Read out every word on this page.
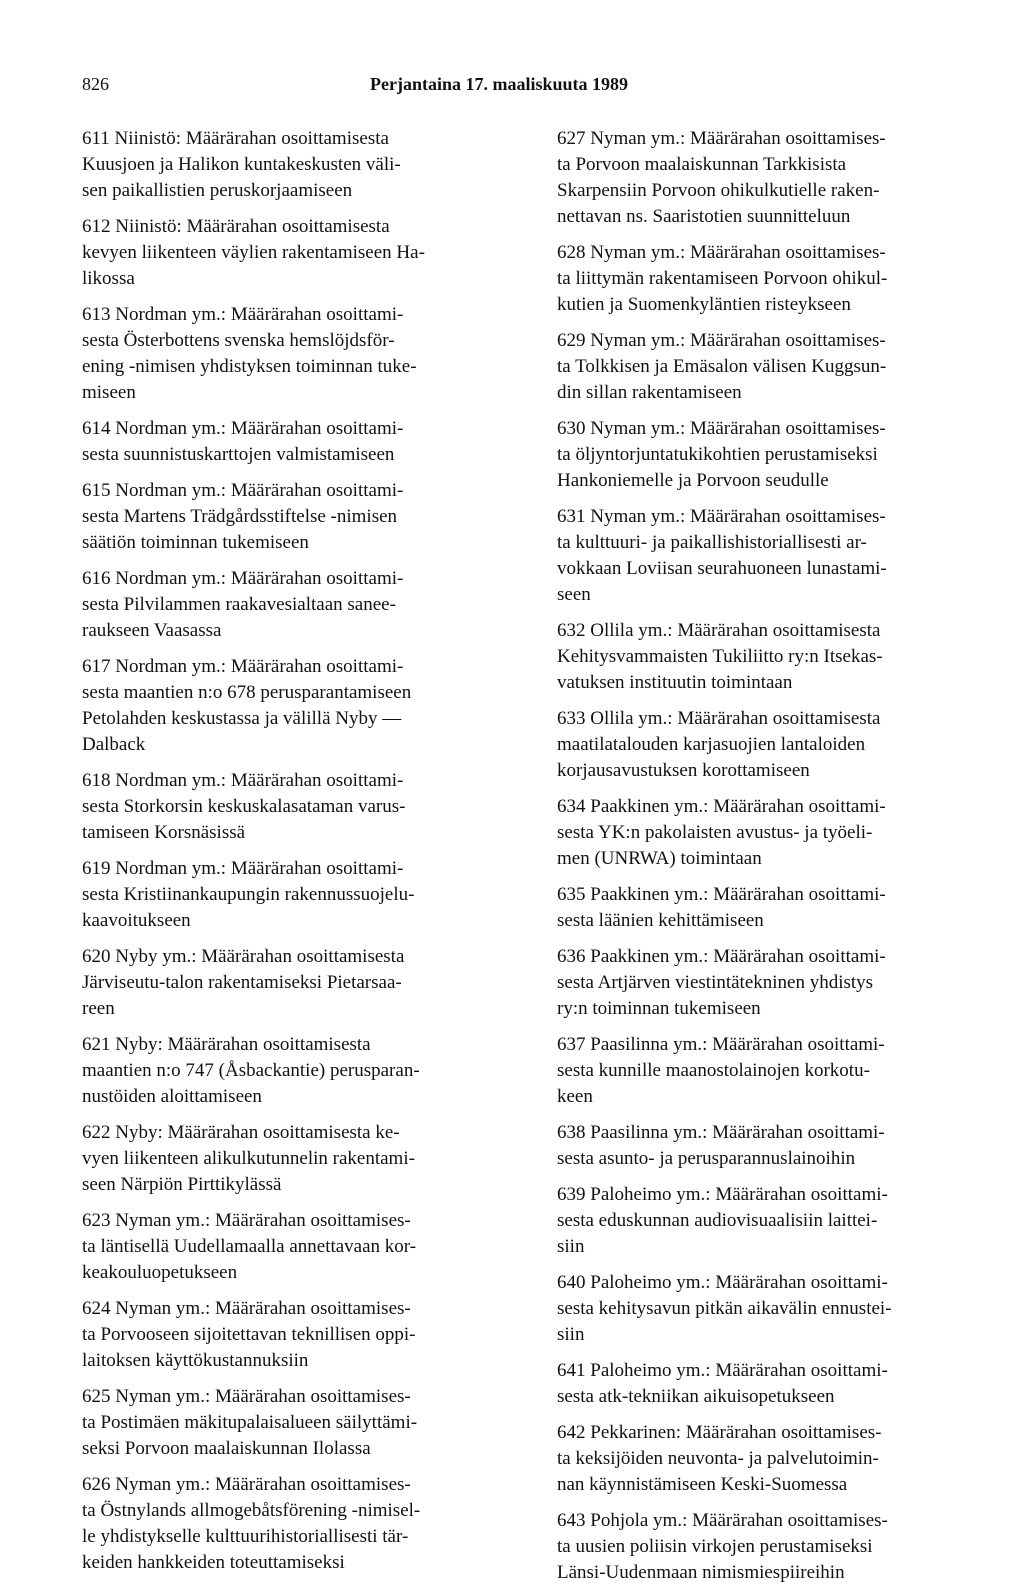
826	Perjantaina 17. maaliskuuta 1989
611 Niinistö: Määrärahan osoittamisesta
Kuusjoen ja Halikon kuntakeskusten väli-
sen paikallistien peruskorjaamiseen
612 Niinistö: Määrärahan osoittamisesta
kevyen liikenteen väylien rakentamiseen Ha-
likossa
613 Nordman ym.: Määrärahan osoittami-
sesta Österbottens svenska hemslöjdsför-
ening -nimisen yhdistyksen toiminnan tuke-
miseen
614 Nordman ym.: Määrärahan osoittami-
sesta suunnistuskarttojen valmistamiseen
615 Nordman ym.: Määrärahan osoittami-
sesta Martens Trädgårdsstiftelse -nimisen
säätiön toiminnan tukemiseen
616 Nordman ym.: Määrärahan osoittami-
sesta Pilvilammen raakavesialtaan sanee-
raukseen Vaasassa
617 Nordman ym.: Määrärahan osoittami-
sesta maantien n:o 678 perusparantamiseen
Petolahden keskustassa ja välillä Nyby —
Dalback
618 Nordman ym.: Määrärahan osoittami-
sesta Storkorsin keskuskalasataman varus-
tamiseen Korsnäsissä
619 Nordman ym.: Määrärahan osoittami-
sesta Kristiinankaupungin rakennussuojelu-
kaavoitukseen
620 Nyby ym.: Määrärahan osoittamisesta
Järviseutu-talon rakentamiseksi Pietarsaa-
reen
621 Nyby: Määrärahan osoittamisesta
maantien n:o 747 (Åsbackantie) perusparan-
nustöiden aloittamiseen
622 Nyby: Määrärahan osoittamisesta ke-
vyen liikenteen alikulkutunnelin rakentami-
seen Närpiön Pirttikylässä
623 Nyman ym.: Määrärahan osoittamises-
ta läntisellä Uudellamaalla annettavaan kor-
keakouluopetukseen
624 Nyman ym.: Määrärahan osoittamises-
ta Porvooseen sijoitettavan teknillisen oppi-
laitoksen käyttökustannuksiin
625 Nyman ym.: Määrärahan osoittamises-
ta Postimäen mäkitupalaisalueen säilyttämi-
seksi Porvoon maalaiskunnan Ilolassa
626 Nyman ym.: Määrärahan osoittamises-
ta Östnylands allmogebåtsförening -nimisel-
le yhdistykselle kulttuurihistoriallisesti tär-
keiden hankkeiden toteuttamiseksi
627 Nyman ym.: Määrärahan osoittamises-
ta Porvoon maalaiskunnan Tarkkisista
Skarpensiin Porvoon ohikulkutielle raken-
nettavan ns. Saaristotien suunnitteluun
628 Nyman ym.: Määrärahan osoittamises-
ta liittymän rakentamiseen Porvoon ohikul-
kutien ja Suomenkyläntien risteykseen
629 Nyman ym.: Määrärahan osoittamises-
ta Tolkkisen ja Emäsalon välisen Kuggsun-
din sillan rakentamiseen
630 Nyman ym.: Määrärahan osoittamises-
ta öljyntorjuntatukikohtien perustamiseksi
Hankoniemelle ja Porvoon seudulle
631 Nyman ym.: Määrärahan osoittamises-
ta kulttuuri- ja paikallishistoriallisesti ar-
vokkaan Loviisan seurahuoneen lunastami-
seen
632 Ollila ym.: Määrärahan osoittamisesta
Kehitysvammaisten Tukiliitto ry:n Itsekas-
vatuksen instituutin toimintaan
633 Ollila ym.: Määrärahan osoittamisesta
maatilatalouden karjasuojien lantaloiden
korjausavustuksen korottamiseen
634 Paakkinen ym.: Määrärahan osoittami-
sesta YK:n pakolaisten avustus- ja työeli-
men (UNRWA) toimintaan
635 Paakkinen ym.: Määrärahan osoittami-
sesta läänien kehittämiseen
636 Paakkinen ym.: Määrärahan osoittami-
sesta Artjärven viestintätekninen yhdistys
ry:n toiminnan tukemiseen
637 Paasilinna ym.: Määrärahan osoittami-
sesta kunnille maanostolainojen korkotu-
keen
638 Paasilinna ym.: Määrärahan osoittami-
sesta asunto- ja perusparannuslainoihin
639 Paloheimo ym.: Määrärahan osoittami-
sesta eduskunnan audiovisuaalisiin laittei-
siin
640 Paloheimo ym.: Määrärahan osoittami-
sesta kehitysavun pitkän aikavälin ennustei-
siin
641 Paloheimo ym.: Määrärahan osoittami-
sesta atk-tekniikan aikuisopetukseen
642 Pekkarinen: Määrärahan osoittamises-
ta keksijöiden neuvonta- ja palvelutoimin-
nan käynnistämiseen Keski-Suomessa
643 Pohjola ym.: Määrärahan osoittamises-
ta uusien poliisin virkojen perustamiseksi
Länsi-Uudenmaan nimismiespiireihin
